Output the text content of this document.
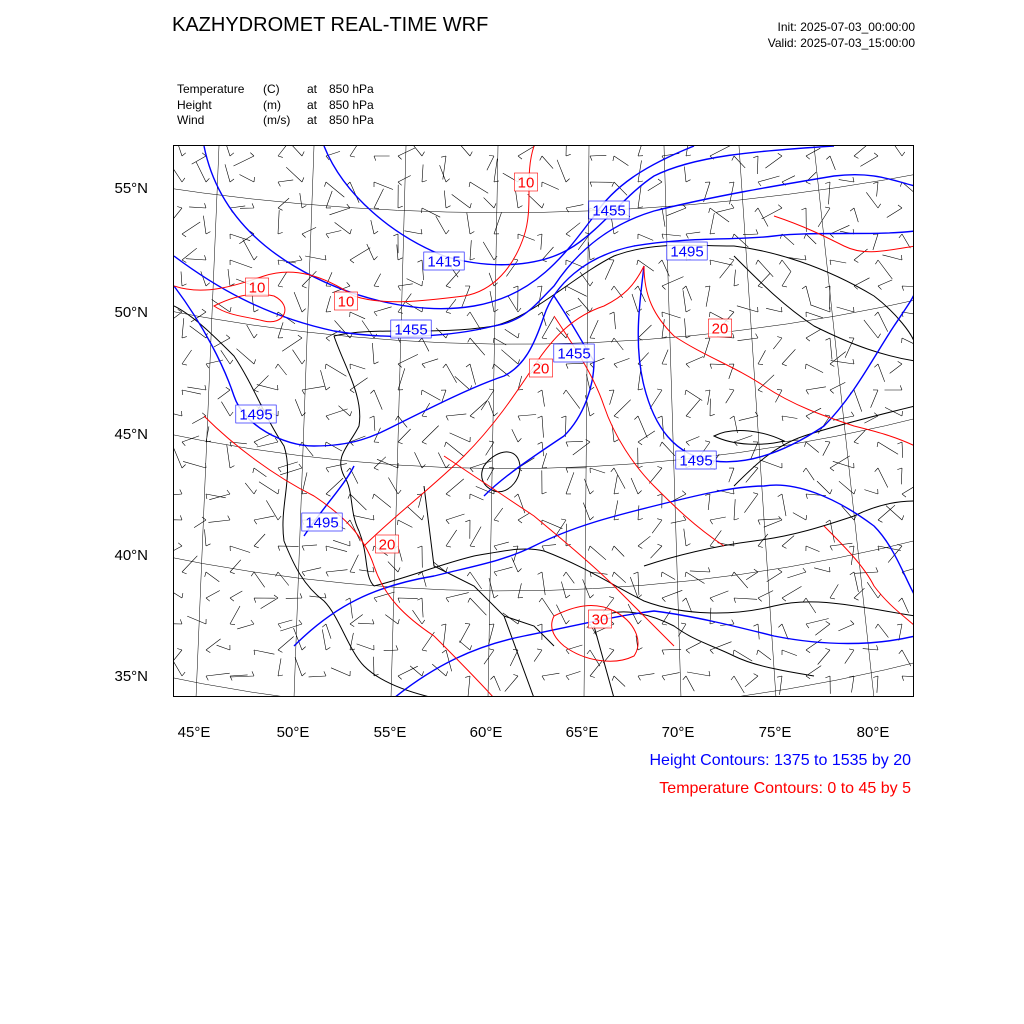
KAZHYDROMET REAL-TIME WRF	Init: 2025-07-03_00:00:00
Valid: 2025-07-03_15:00:00
Temperature (C) at 850 hPa
Height	(m) at 850 hPa
Wind	(m/s) at 850 hPa
1415
1455
1455
1455
1495
1495
1495
1495
10
10
10
20
20
20
30
55°N
50°N
45°N
40°N
35°N
45°E	50°E	55°E	60°E	65°E	70°E	75°E	80°E
Height Contours: 1375 to 1535 by 20
Temperature Contours: 0 to 45 by 5
